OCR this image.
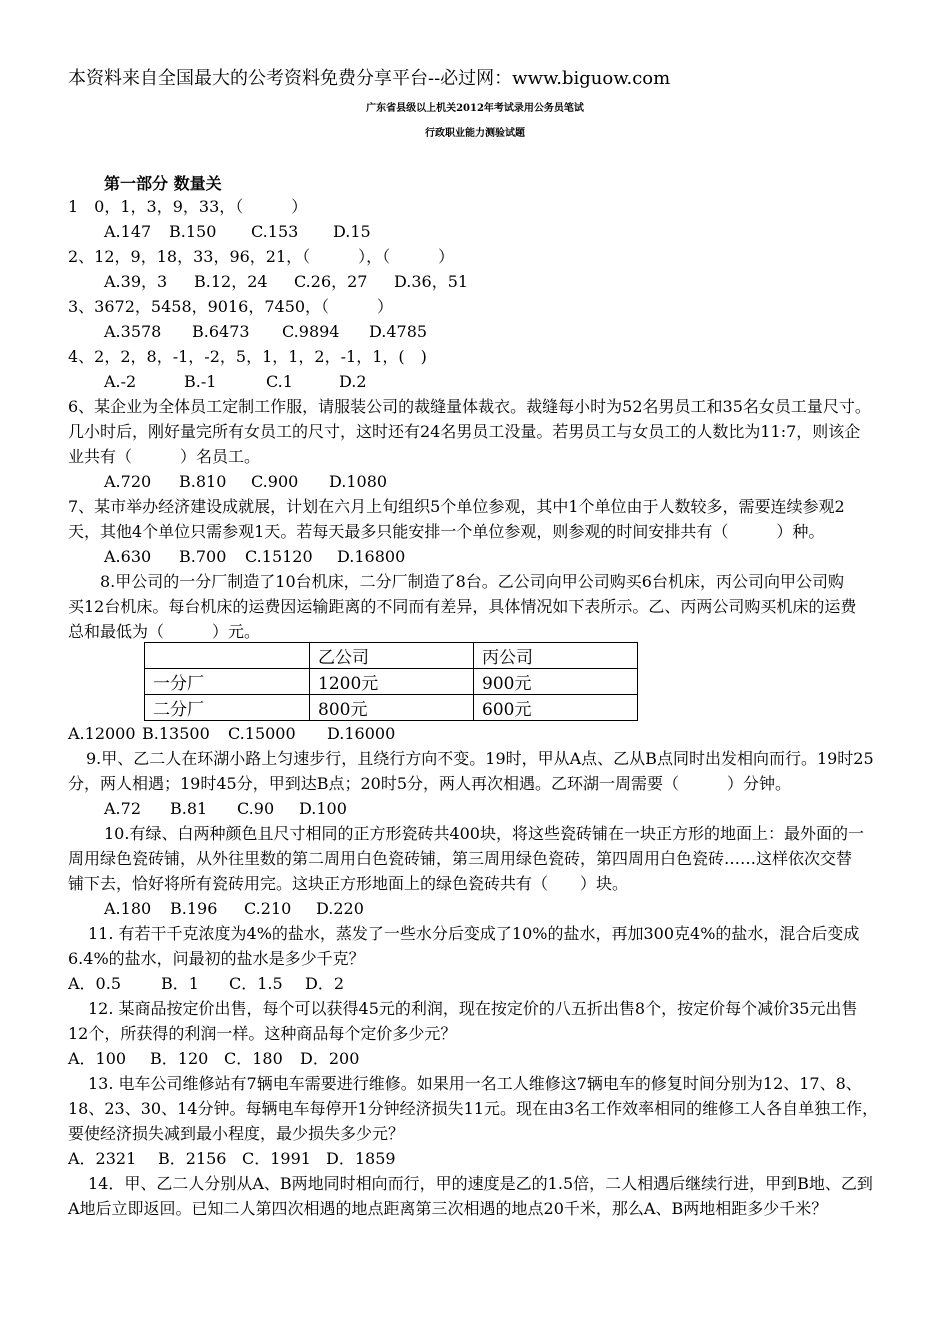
本资料来自全国最大的公考资料免费分享平台--必过网：www.biguow.com
广东省县级以上机关2012年考试录用公务员笔试
行政职业能力测验试题
第一部分 数量关
1　0，1，3，9，33，（　　　）
A.147 B.150 C.153 D.15
2、12，9，18，33，96，21，（　　　），（　　　）
A.39，3 B.12，24 C.26，27 D.36，51
3、3672，5458，9016，7450，（　　　）
A.3578 B.6473 C.9894 D.4785
4、2，2，8，-1，-2，5，1，1，2，-1，1，(　)
A.-2	B.-1	C.1	D.2
6、某企业为全体员工定制工作服，请服装公司的裁缝量体裁衣。裁缝每小时为52名男员工和35名女员工量尺寸。
几小时后，刚好量完所有女员工的尺寸，这时还有24名男员工没量。若男员工与女员工的人数比为11:7，则该企
业共有（　　　）名员工。
A.720 B.810 C.900 D.1080
7、某市举办经济建设成就展，计划在六月上旬组织5个单位参观，其中1个单位由于人数较多，需要连续参观2
天，其他4个单位只需参观1天。若每天最多只能安排一个单位参观，则参观的时间安排共有（　　　）种。
A.630 B.700 C.15120 D.16800
8.甲公司的一分厂制造了10台机床，二分厂制造了8台。乙公司向甲公司购买6台机床，丙公司向甲公司购
买12台机床。每台机床的运费因运输距离的不同而有差异，具体情况如下表所示。乙、丙两公司购买机床的运费
总和最低为（　　　）元。
	乙公司	丙公司
一分厂	1200元	900元
二分厂	800元	600元
A.12000 B.13500 C.15000 D.16000
9.甲、乙二人在环湖小路上匀速步行，且绕行方向不变。19时，甲从A点、乙从B点同时出发相向而行。19时25
分，两人相遇；19时45分，甲到达B点；20时5分，两人再次相遇。乙环湖一周需要（　　　）分钟。
A.72 B.81 C.90 D.100
10.有绿、白两种颜色且尺寸相同的正方形瓷砖共400块，将这些瓷砖铺在一块正方形的地面上：最外面的一
周用绿色瓷砖铺，从外往里数的第二周用白色瓷砖铺，第三周用绿色瓷砖，第四周用白色瓷砖……这样依次交替
铺下去，恰好将所有瓷砖用完。这块正方形地面上的绿色瓷砖共有（　　）块。
A.180 B.196 C.210 D.220
11. 有若干千克浓度为4%的盐水，蒸发了一些水分后变成了10%的盐水，再加300克4%的盐水，混合后变成
6.4%的盐水，问最初的盐水是多少千克？
A．0.5 B．1 C．1.5 D．2
12. 某商品按定价出售，每个可以获得45元的利润，现在按定价的八五折出售8个，按定价每个减价35元出售
12个，所获得的利润一样。这种商品每个定价多少元？
A．100 B．120 C．180 D．200
13. 电车公司维修站有7辆电车需要进行维修。如果用一名工人维修这7辆电车的修复时间分别为12、17、8、
18、23、30、14分钟。每辆电车每停开1分钟经济损失11元。现在由3名工作效率相同的维修工人各自单独工作，
要使经济损失减到最小程度，最少损失多少元？
A．2321 B．2156 C．1991 D．1859
14．甲、乙二人分别从A、B两地同时相向而行，甲的速度是乙的1.5倍，二人相遇后继续行进，甲到B地、乙到
A地后立即返回。已知二人第四次相遇的地点距离第三次相遇的地点20千米，那么A、B两地相距多少千米？
